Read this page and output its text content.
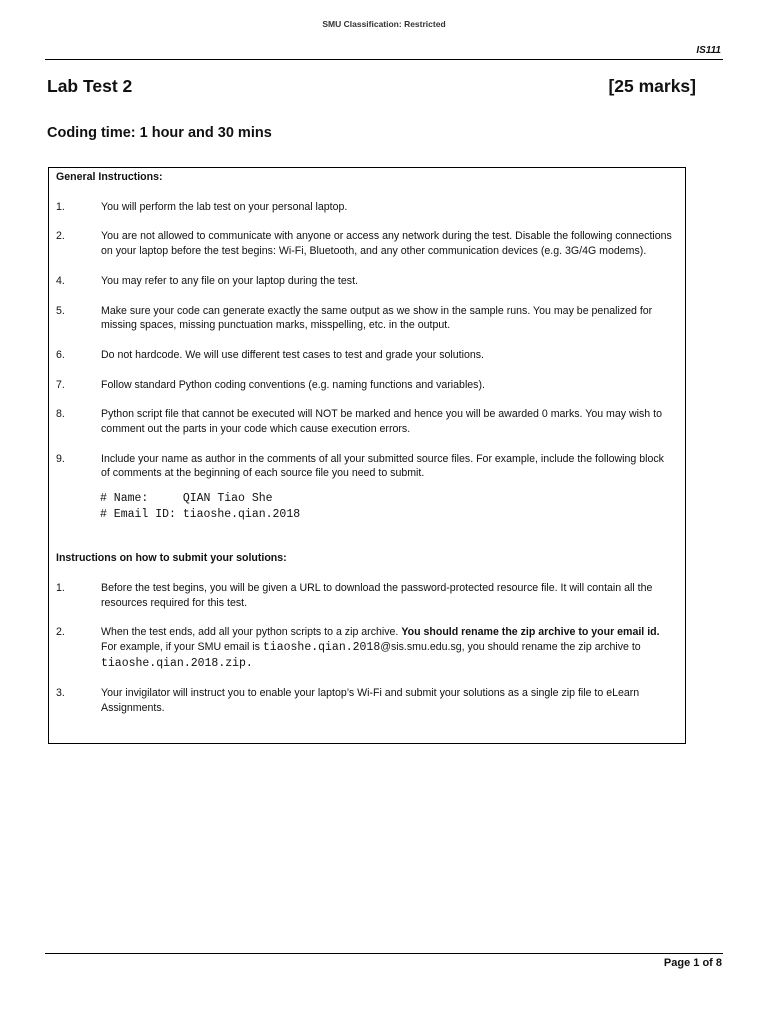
SMU Classification: Restricted
IS111
Lab Test 2	[25 marks]
Coding time: 1 hour and 30 mins

General Instructions:

1.	You will perform the lab test on your personal laptop.
2.	You are not allowed to communicate with anyone or access any network during the test. Disable the following connections on your laptop before the test begins: Wi-Fi, Bluetooth, and any other communication devices (e.g. 3G/4G modems).
4.	You may refer to any file on your laptop during the test.
5.	Make sure your code can generate exactly the same output as we show in the sample runs. You may be penalized for missing spaces, missing punctuation marks, misspelling, etc. in the output.
6.	Do not hardcode. We will use different test cases to test and grade your solutions.
7.	Follow standard Python coding conventions (e.g. naming functions and variables).
8.	Python script file that cannot be executed will NOT be marked and hence you will be awarded 0 marks. You may wish to comment out the parts in your code which cause execution errors.
9.	Include your name as author in the comments of all your submitted source files. For example, include the following block of comments at the beginning of each source file you need to submit.
# Name:     QIAN Tiao She
# Email ID: tiaoshe.qian.2018

Instructions on how to submit your solutions:

1.	Before the test begins, you will be given a URL to download the password-protected resource file. It will contain all the resources required for this test.
2.	When the test ends, add all your python scripts to a zip archive. You should rename the zip archive to your email id. For example, if your SMU email is tiaoshe.qian.2018@sis.smu.edu.sg, you should rename the zip archive to tiaoshe.qian.2018.zip.
3.	Your invigilator will instruct you to enable your laptop’s Wi-Fi and submit your solutions as a single zip file to eLearn Assignments.
Page 1 of 8
